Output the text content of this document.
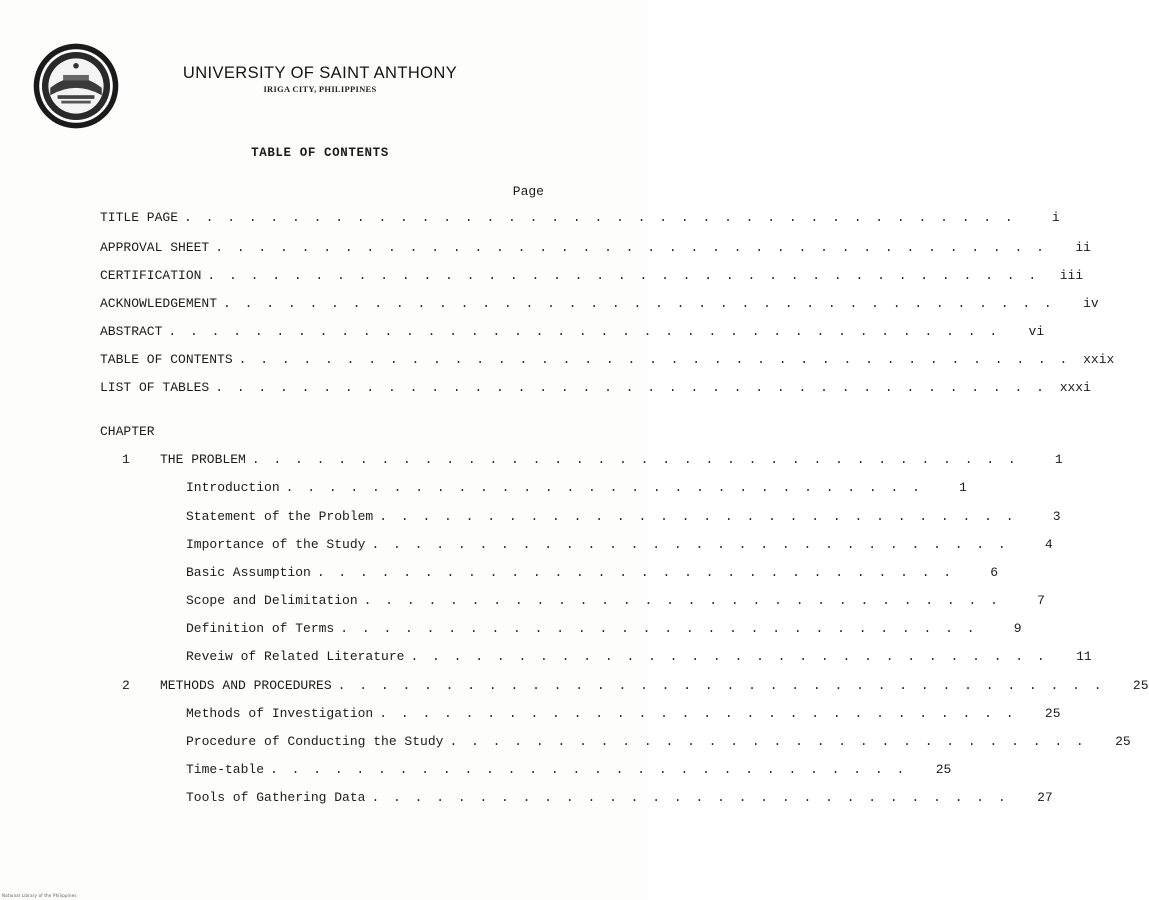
UNIVERSITY OF SAINT ANTHONY
IRIGA CITY, PHILIPPINES
TABLE OF CONTENTS
Page
TITLE PAGE . . . . . . . . . . . . . . . . . . . . . . . . . . . . . . . . . . . . . . .	i
APPROVAL SHEET . . . . . . . . . . . . . . . . . . . . . . . . . . . . . . . . . . . . . . .	ii
CERTIFICATION . . . . . . . . . . . . . . . . . . . . . . . . . . . . . . . . . . . . . . .	iii
ACKNOWLEDGEMENT . . . . . . . . . . . . . . . . . . . . . . . . . . . . . . . . . . . . . . .	iv
ABSTRACT . . . . . . . . . . . . . . . . . . . . . . . . . . . . . . . . . . . . . . .	vi
TABLE OF CONTENTS . . . . . . . . . . . . . . . . . . . . . . . . . . . . . . . . . . . . . . . xxix
LIST OF TABLES . . . . . . . . . . . . . . . . . . . . . . . . . . . . . . . . . . . . . . . xxxi
CHAPTER
1	THE PROBLEM . . . . . . . . . . . . . . . . . . . . . . . . . . . . . . . . . . . .	1
Introduction . . . . . . . . . . . . . . . . . . . . . . . . . . . . . .	1
Statement of the Problem . . . . . . . . . . . . . . . . . . . . . . . . . . . . . .	3
Importance of the Study . . . . . . . . . . . . . . . . . . . . . . . . . . . . . .	4
Basic Assumption . . . . . . . . . . . . . . . . . . . . . . . . . . . . . .	6
Scope and Delimitation . . . . . . . . . . . . . . . . . . . . . . . . . . . . . .	7
Definition of Terms . . . . . . . . . . . . . . . . . . . . . . . . . . . . . .	9
Reveiw of Related Literature . . . . . . . . . . . . . . . . . . . . . . . . . . . . . .	11
2	METHODS AND PROCEDURES . . . . . . . . . . . . . . . . . . . . . . . . . . . . . . . . . . . .	25
Methods of Investigation . . . . . . . . . . . . . . . . . . . . . . . . . . . . . .	25
Procedure of Conducting the Study . . . . . . . . . . . . . . . . . . . . . . . . . . . . . .	25
Time-table . . . . . . . . . . . . . . . . . . . . . . . . . . . . . .	25
Tools of Gathering Data . . . . . . . . . . . . . . . . . . . . . . . . . . . . . .	27
National Library of the Philippines
